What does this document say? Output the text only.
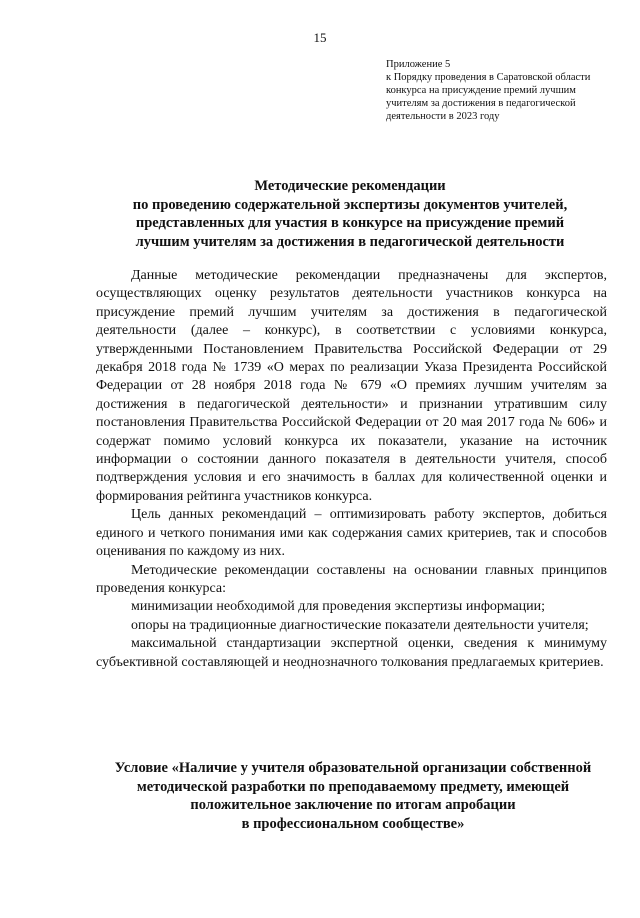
15
Приложение 5
к Порядку проведения в Саратовской области
конкурса на присуждение премий лучшим
учителям за достижения в педагогической
деятельности в 2023 году
Методические рекомендации
по проведению содержательной экспертизы документов учителей,
представленных для участия в конкурсе на присуждение премий
лучшим учителям за достижения в педагогической деятельности

Данные методические рекомендации предназначены для экспертов, осуществляющих оценку результатов деятельности участников конкурса на присуждение премий лучшим учителям за достижения в педагогической деятельности (далее – конкурс), в соответствии с условиями конкурса, утвержденными Постановлением Правительства Российской Федерации от 29 декабря 2018 года № 1739 «О мерах по реализации Указа Президента Российской Федерации от 28 ноября 2018 года № 679 «О премиях лучшим учителям за достижения в педагогической деятельности» и признании утратившим силу постановления Правительства Российской Федерации от 20 мая 2017 года № 606» и содержат помимо условий конкурса их показатели, указание на источник информации о состоянии данного показателя в деятельности учителя, способ подтверждения условия и его значимость в баллах для количественной оценки и формирования рейтинга участников конкурса.

Цель данных рекомендаций – оптимизировать работу экспертов, добиться единого и четкого понимания ими как содержания самих критериев, так и способов оценивания по каждому из них.

Методические рекомендации составлены на основании главных принципов проведения конкурса:

минимизации необходимой для проведения экспертизы информации;

опоры на традиционные диагностические показатели деятельности учителя;

максимальной стандартизации экспертной оценки, сведения к минимуму субъективной составляющей и неоднозначного толкования предлагаемых критериев.

Условие «Наличие у учителя образовательной организации собственной
методической разработки по преподаваемому предмету, имеющей
положительное заключение по итогам апробации
в профессиональном сообществе»
